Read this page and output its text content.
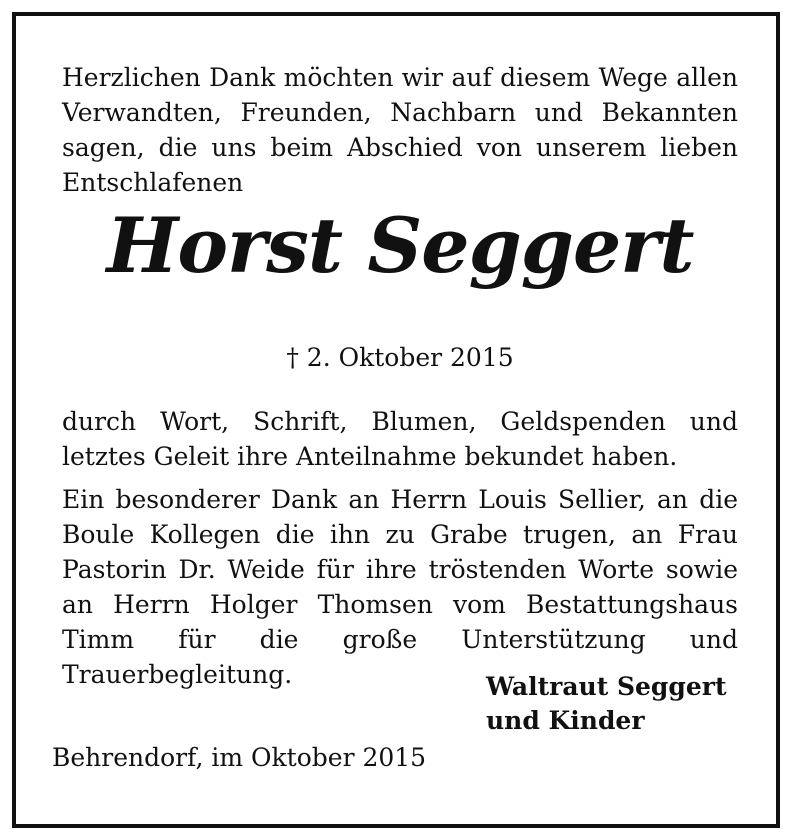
Herzlichen Dank möchten wir auf diesem Wege allen Verwandten, Freunden, Nachbarn und Bekannten sagen, die uns beim Abschied von unserem lieben Entschlafenen

Horst Seggert
† 2. Oktober 2015

durch Wort, Schrift, Blumen, Geldspenden und letztes Geleit ihre Anteilnahme bekundet haben.

Ein besonderer Dank an Herrn Louis Sellier, an die Boule Kollegen die ihn zu Grabe trugen, an Frau Pastorin Dr. Weide für ihre tröstenden Worte sowie an Herrn Holger Thomsen vom Bestattungshaus Timm für die große Unterstützung und Trauerbegleitung.	Waltraut Seggert
und Kinder
Behrendorf, im Oktober 2015
